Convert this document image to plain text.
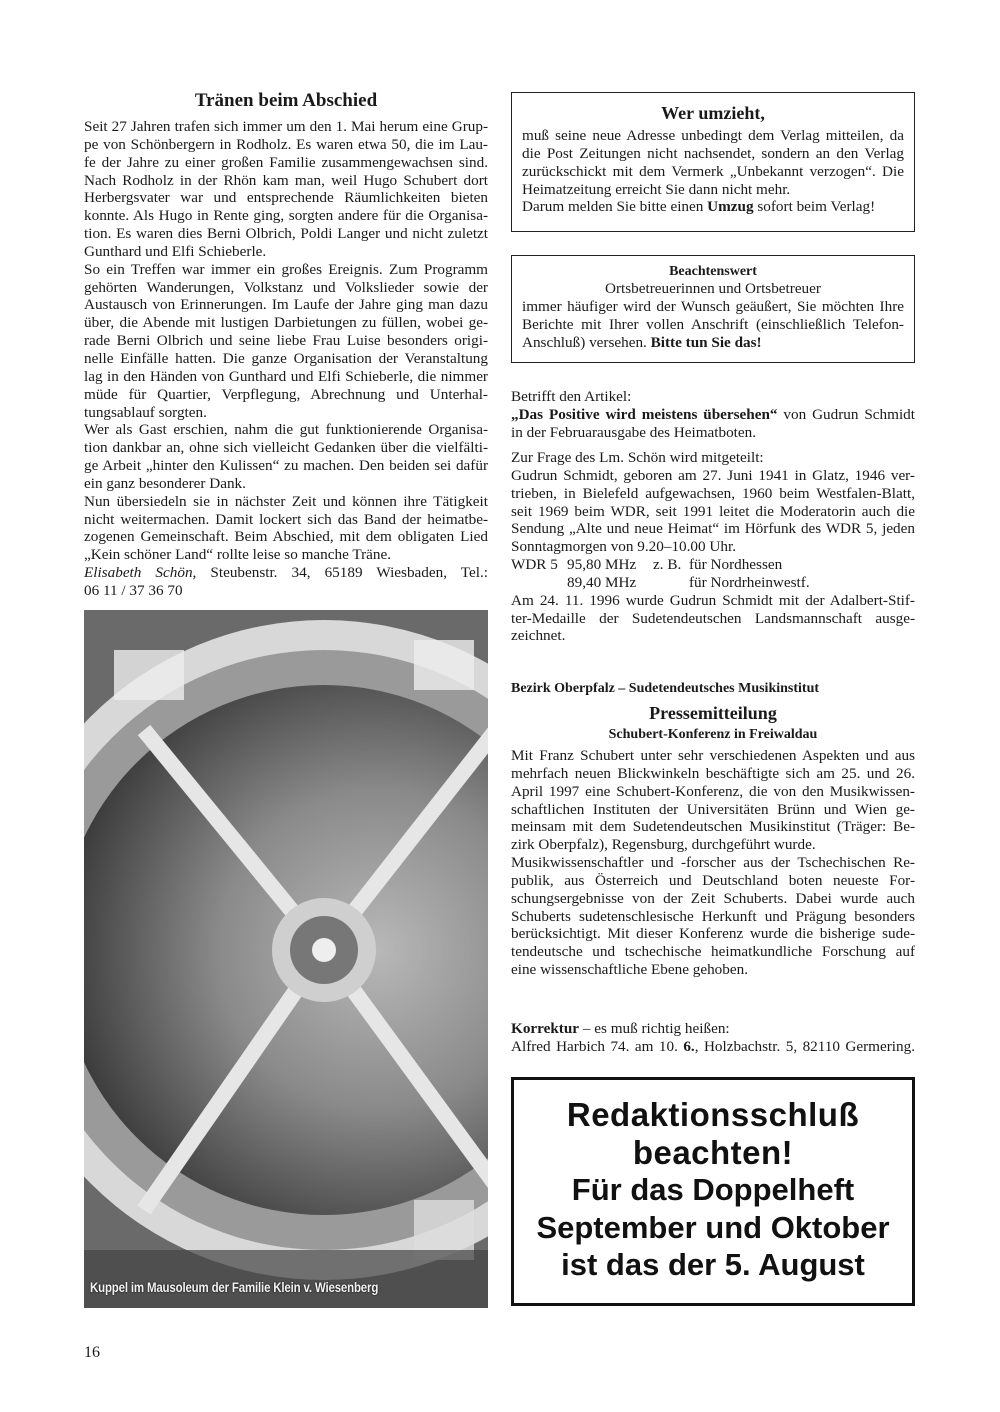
Tränen beim Abschied
Seit 27 Jahren trafen sich immer um den 1. Mai herum eine Grup-
pe von Schönbergern in Rodholz. Es waren etwa 50, die im Lau-
fe der Jahre zu einer großen Familie zusammengewachsen sind.
Nach Rodholz in der Rhön kam man, weil Hugo Schubert dort
Herbergsvater war und entsprechende Räumlichkeiten bieten
konnte. Als Hugo in Rente ging, sorgten andere für die Organisa-
tion. Es waren dies Berni Olbrich, Poldi Langer und nicht zuletzt
Gunthard und Elfi Schieberle.
So ein Treffen war immer ein großes Ereignis. Zum Programm
gehörten Wanderungen, Volkstanz und Volkslieder sowie der
Austausch von Erinnerungen. Im Laufe der Jahre ging man dazu
über, die Abende mit lustigen Darbietungen zu füllen, wobei ge-
rade Berni Olbrich und seine liebe Frau Luise besonders origi-
nelle Einfälle hatten. Die ganze Organisation der Veranstaltung
lag in den Händen von Gunthard und Elfi Schieberle, die nimmer
müde für Quartier, Verpflegung, Abrechnung und Unterhal-
tungsablauf sorgten.
Wer als Gast erschien, nahm die gut funktionierende Organisa-
tion dankbar an, ohne sich vielleicht Gedanken über die vielfälti-
ge Arbeit „hinter den Kulissen“ zu machen. Den beiden sei dafür
ein ganz besonderer Dank.
Nun übersiedeln sie in nächster Zeit und können ihre Tätigkeit
nicht weitermachen. Damit lockert sich das Band der heimatbe-
zogenen Gemeinschaft. Beim Abschied, mit dem obligaten Lied
„Kein schöner Land“ rollte leise so manche Träne.
Elisabeth Schön, Steubenstr. 34, 65189 Wiesbaden, Tel.:
06 11 / 37 36 70
Kuppel im Mausoleum der Familie Klein v. Wiesenberg
16
Wer umzieht,
muß seine neue Adresse unbedingt dem Verlag mitteilen, da
die Post Zeitungen nicht nachsendet, sondern an den Verlag
zurückschickt mit dem Vermerk „Unbekannt verzogen“. Die
Heimatzeitung erreicht Sie dann nicht mehr.
Darum melden Sie bitte einen Umzug sofort beim Verlag!
Beachtenswert
Ortsbetreuerinnen und Ortsbetreuer
immer häufiger wird der Wunsch geäußert, Sie möchten Ihre
Berichte mit Ihrer vollen Anschrift (einschließlich Telefon-
Anschluß) versehen. Bitte tun Sie das!
Betrifft den Artikel:
„Das Positive wird meistens übersehen“ von Gudrun Schmidt
in der Februarausgabe des Heimatboten.
Zur Frage des Lm. Schön wird mitgeteilt:
Gudrun Schmidt, geboren am 27. Juni 1941 in Glatz, 1946 ver-
trieben, in Bielefeld aufgewachsen, 1960 beim Westfalen-Blatt,
seit 1969 beim WDR, seit 1991 leitet die Moderatorin auch die
Sendung „Alte und neue Heimat“ im Hörfunk des WDR 5, jeden
Sonntagmorgen von 9.20–10.00 Uhr.
WDR 5 95,80 MHz z. B. für Nordhessen
89,40 MHz	für Nordrheinwestf.
Am 24. 11. 1996 wurde Gudrun Schmidt mit der Adalbert-Stif-
ter-Medaille der Sudetendeutschen Landsmannschaft ausge-
zeichnet.
Bezirk Oberpfalz – Sudetendeutsches Musikinstitut
Pressemitteilung
Schubert-Konferenz in Freiwaldau
Mit Franz Schubert unter sehr verschiedenen Aspekten und aus
mehrfach neuen Blickwinkeln beschäftigte sich am 25. und 26.
April 1997 eine Schubert-Konferenz, die von den Musikwissen-
schaftlichen Instituten der Universitäten Brünn und Wien ge-
meinsam mit dem Sudetendeutschen Musikinstitut (Träger: Be-
zirk Oberpfalz), Regensburg, durchgeführt wurde.
Musikwissenschaftler und -forscher aus der Tschechischen Re-
publik, aus Österreich und Deutschland boten neueste For-
schungsergebnisse von der Zeit Schuberts. Dabei wurde auch
Schuberts sudetenschlesische Herkunft und Prägung besonders
berücksichtigt. Mit dieser Konferenz wurde die bisherige sude-
tendeutsche und tschechische heimatkundliche Forschung auf
eine wissenschaftliche Ebene gehoben.
Korrektur – es muß richtig heißen:
Alfred Harbich 74. am 10. 6., Holzbachstr. 5, 82110 Germering.
Redaktionsschluß
beachten!
Für das Doppelheft
September und Oktober
ist das der 5. August
